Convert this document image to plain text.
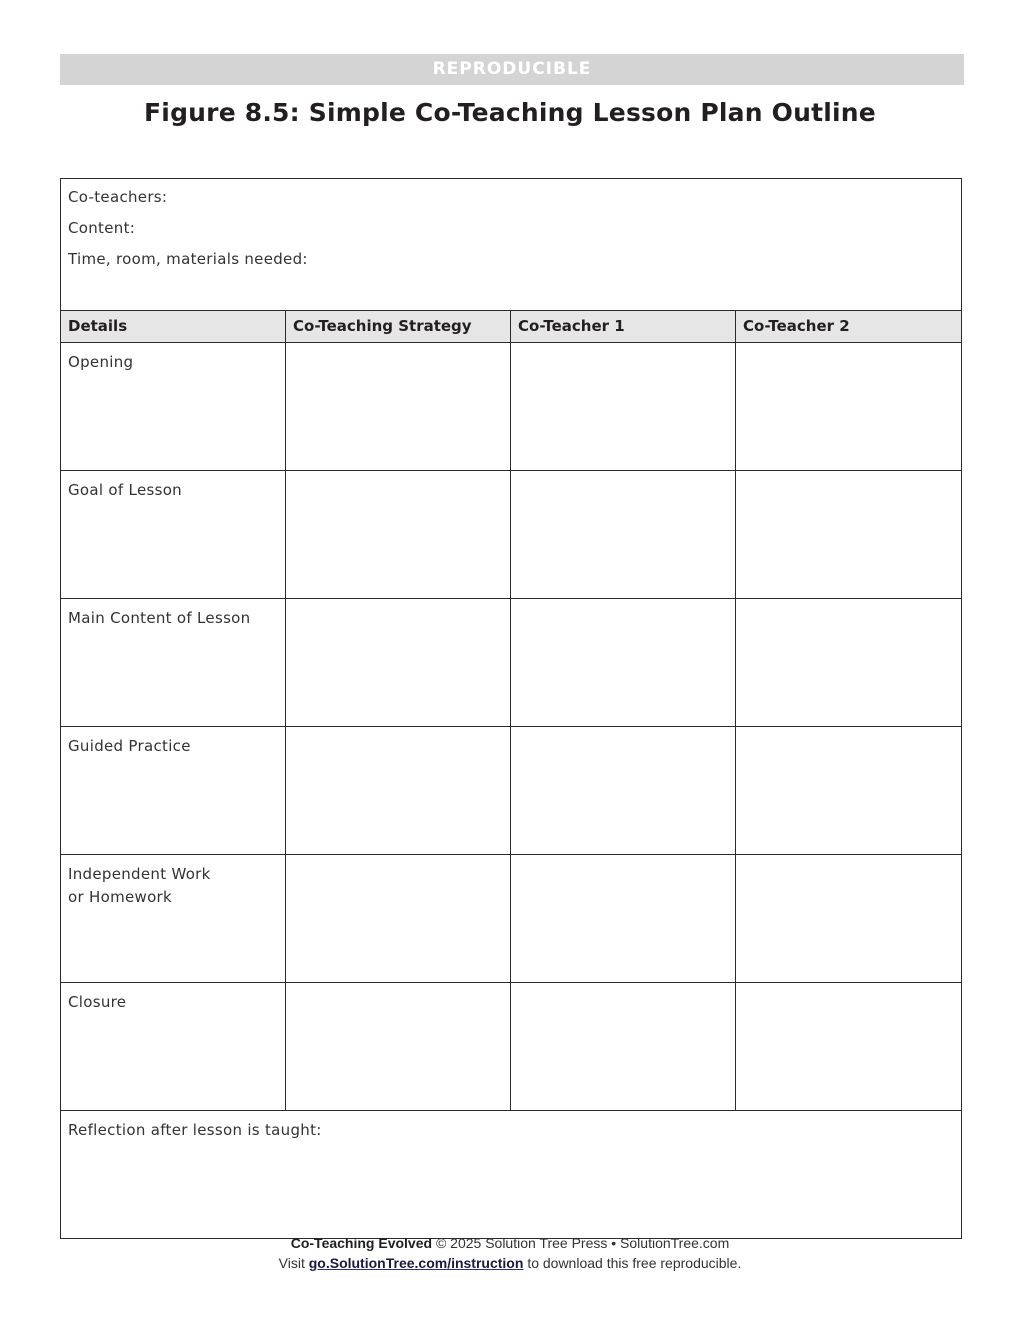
REPRODUCIBLE
Figure 8.5: Simple Co-Teaching Lesson Plan Outline
Co-teachers:
Content:
Time, room, materials needed:			

Details	Co-Teaching Strategy	Co-Teacher 1	Co-Teacher 2
Opening			
Goal of Lesson			
Main Content of Lesson			
Guided Practice			
Independent Work
or Homework			
Closure			
Reflection after lesson is taught:			
Co-Teaching Evolved © 2025 Solution Tree Press • SolutionTree.com
Visit go.SolutionTree.com/instruction to download this free reproducible.
